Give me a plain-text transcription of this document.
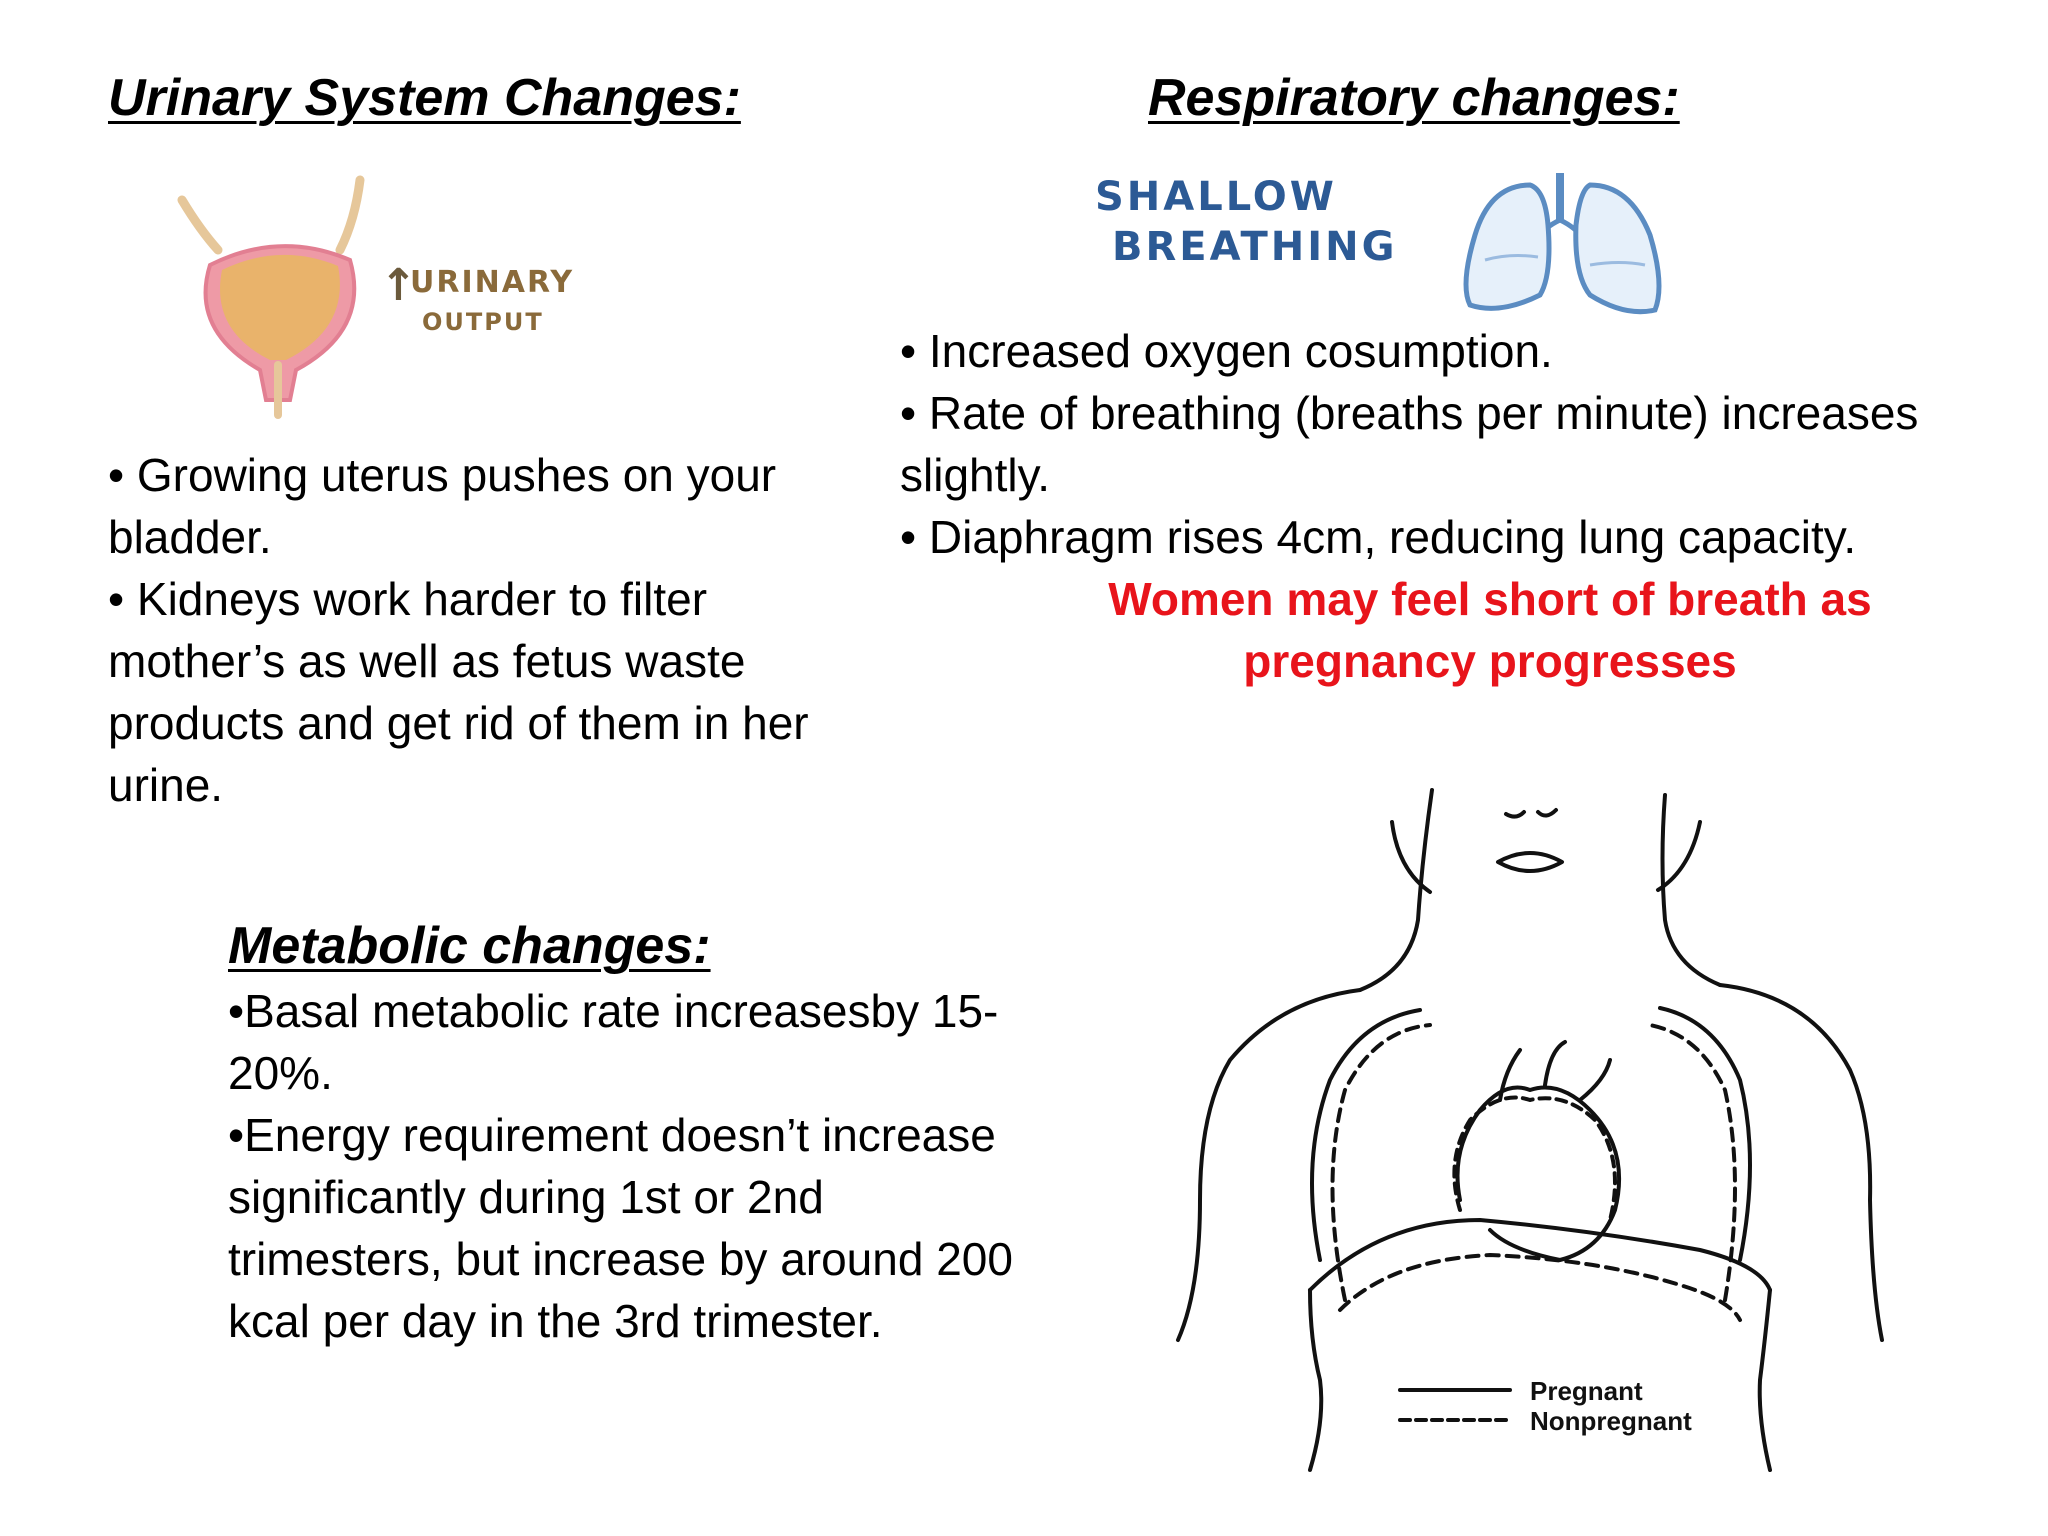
Urinary System Changes:
↑
URINARY
OUTPUT

• Growing uterus pushes on your bladder.

• Kidneys work harder to filter mother’s as well as fetus waste products and get rid of them in her urine.

Respiratory changes:
SHALLOW
BREATHING

• Increased oxygen cosumption.

• Rate of breathing (breaths per minute) increases slightly.

• Diaphragm rises 4cm, reducing lung capacity.

Women may feel short of breath as
pregnancy progresses
Metabolic changes:

•Basal metabolic rate increasesby 15-20%.

•Energy requirement doesn’t increase significantly during 1st or 2nd trimesters, but increase by around 200 kcal per day in the 3rd trimester.

Pregnant
Nonpregnant
